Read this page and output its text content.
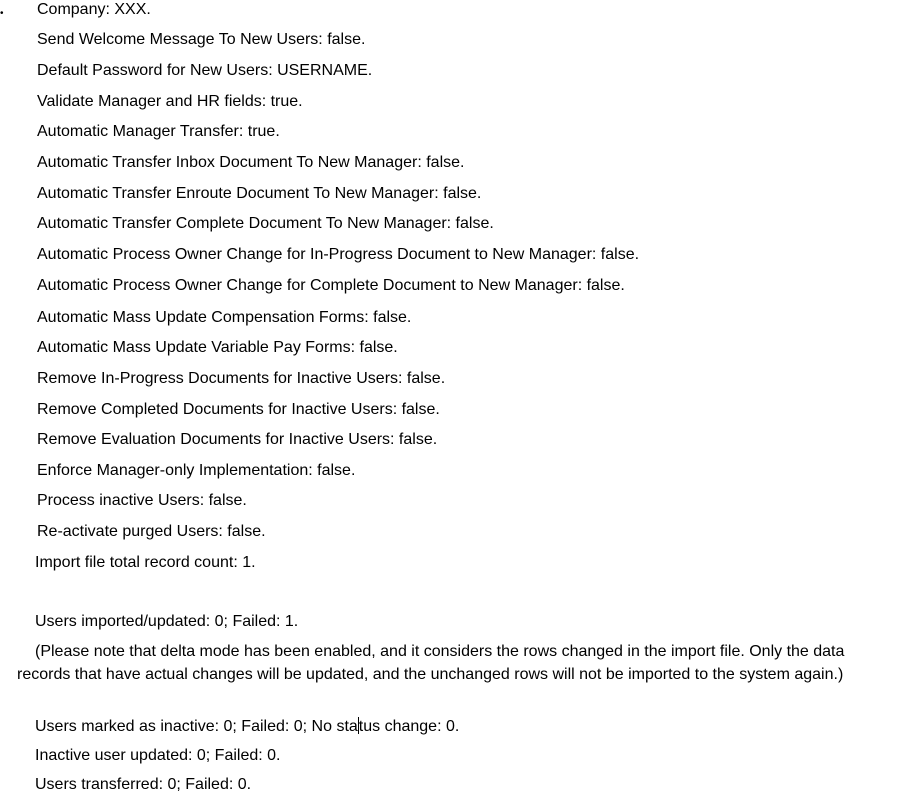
• Company: XXX.
Send Welcome Message To New Users: false.
Default Password for New Users: USERNAME.
Validate Manager and HR fields: true.
Automatic Manager Transfer: true.
Automatic Transfer Inbox Document To New Manager: false.
Automatic Transfer Enroute Document To New Manager: false.
Automatic Transfer Complete Document To New Manager: false.
Automatic Process Owner Change for In-Progress Document to New Manager: false.
Automatic Process Owner Change for Complete Document to New Manager: false.
Automatic Mass Update Compensation Forms: false.
Automatic Mass Update Variable Pay Forms: false.
Remove In-Progress Documents for Inactive Users: false.
Remove Completed Documents for Inactive Users: false.
Remove Evaluation Documents for Inactive Users: false.
Enforce Manager-only Implementation: false.
Process inactive Users: false.
Re-activate purged Users: false.
Import file total record count: 1.
Users imported/updated: 0; Failed: 1.
(Please note that delta mode has been enabled, and it considers the rows changed in the import file. Only the data records that have actual changes will be updated, and the unchanged rows will not be imported to the system again.)
Users marked as inactive: 0; Failed: 0; No status change: 0.
Inactive user updated: 0; Failed: 0.
Users transferred: 0; Failed: 0.
